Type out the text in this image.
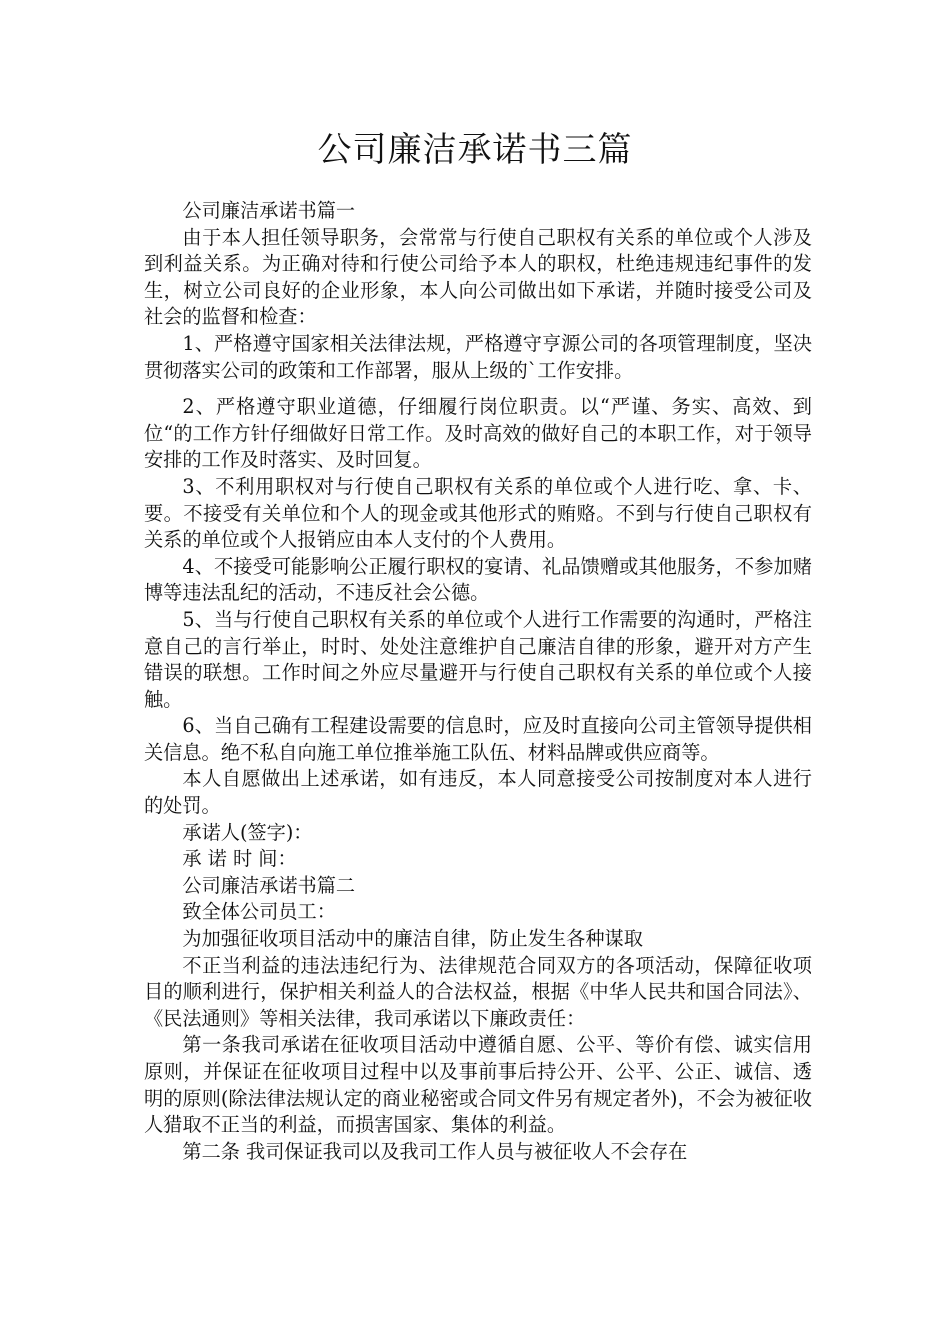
公司廉洁承诺书三篇

公司廉洁承诺书篇一

由于本人担任领导职务，会常常与行使自己职权有关系的单位或个人涉及到利益关系。为正确对待和行使公司给予本人的职权，杜绝违规违纪事件的发生，树立公司良好的企业形象，本人向公司做出如下承诺，并随时接受公司及社会的监督和检查：

1、严格遵守国家相关法律法规，严格遵守亨源公司的各项管理制度，坚决贯彻落实公司的政策和工作部署，服从上级的`工作安排。

2、严格遵守职业道德，仔细履行岗位职责。以“严谨、务实、高效、到位“的工作方针仔细做好日常工作。及时高效的做好自己的本职工作，对于领导安排的工作及时落实、及时回复。

3、不利用职权对与行使自己职权有关系的单位或个人进行吃、拿、卡、要。不接受有关单位和个人的现金或其他形式的贿赂。不到与行使自己职权有关系的单位或个人报销应由本人支付的个人费用。

4、不接受可能影响公正履行职权的宴请、礼品馈赠或其他服务，不参加赌博等违法乱纪的活动，不违反社会公德。

5、当与行使自己职权有关系的单位或个人进行工作需要的沟通时，严格注意自己的言行举止，时时、处处注意维护自己廉洁自律的形象，避开对方产生错误的联想。工作时间之外应尽量避开与行使自己职权有关系的单位或个人接触。

6、当自己确有工程建设需要的信息时，应及时直接向公司主管领导提供相关信息。绝不私自向施工单位推举施工队伍、材料品牌或供应商等。

本人自愿做出上述承诺，如有违反，本人同意接受公司按制度对本人进行的处罚。

承诺人(签字)：

承 诺 时 间：

公司廉洁承诺书篇二

致全体公司员工：

为加强征收项目活动中的廉洁自律，防止发生各种谋取

不正当利益的违法违纪行为、法律规范合同双方的各项活动，保障征收项目的顺利进行，保护相关利益人的合法权益，根据《中华人民共和国合同法》、《民法通则》等相关法律，我司承诺以下廉政责任：

第一条我司承诺在征收项目活动中遵循自愿、公平、等价有偿、诚实信用原则，并保证在征收项目过程中以及事前事后持公开、公平、公正、诚信、透明的原则(除法律法规认定的商业秘密或合同文件另有规定者外)，不会为被征收人猎取不正当的利益，而损害国家、集体的利益。

第二条 我司保证我司以及我司工作人员与被征收人不会存在
